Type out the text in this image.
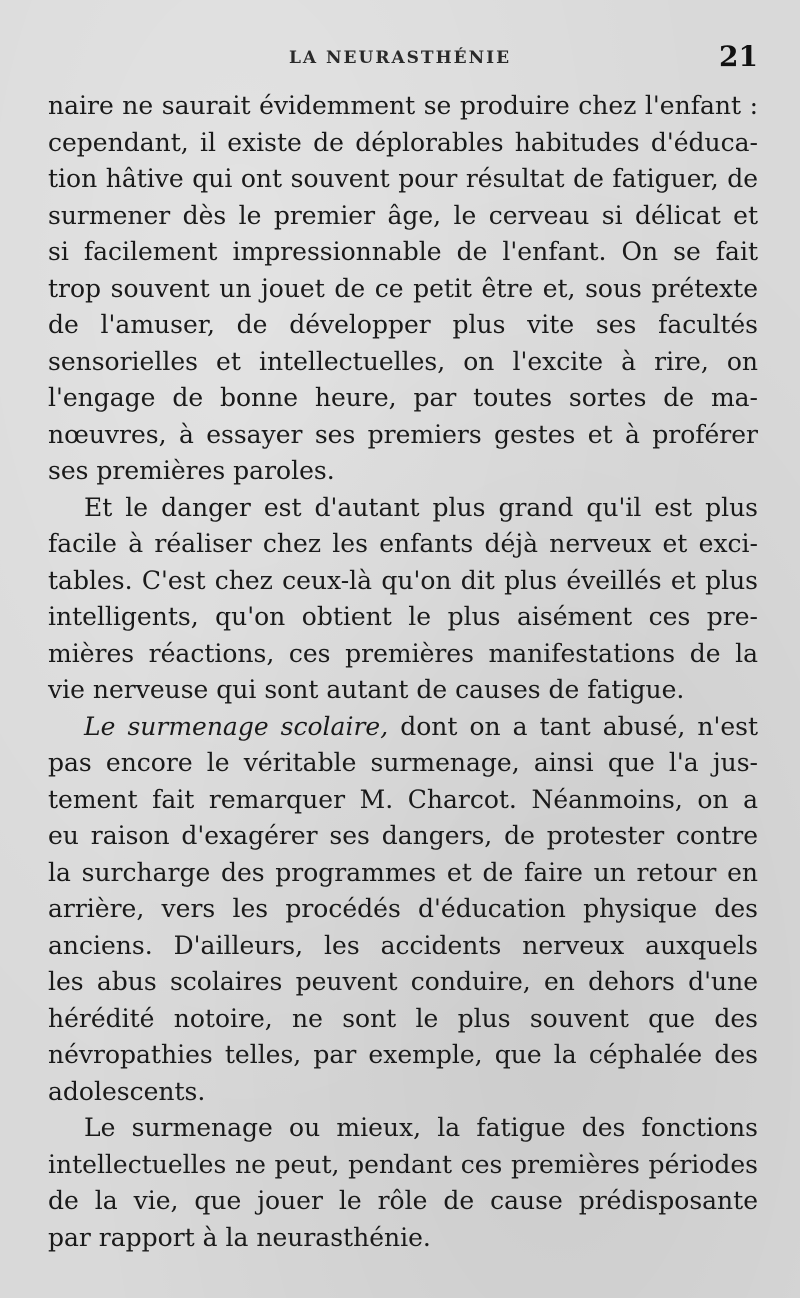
LA NEURASTHÉNIE	21
naire ne saurait évidemment se produire chez l'enfant :
cependant, il existe de déplorables habitudes d'éduca-
tion hâtive qui ont souvent pour résultat de fatiguer, de
surmener dès le premier âge, le cerveau si délicat et
si facilement impressionnable de l'enfant. On se fait
trop souvent un jouet de ce petit être et, sous prétexte
de l'amuser, de développer plus vite ses facultés
sensorielles et intellectuelles, on l'excite à rire, on
l'engage de bonne heure, par toutes sortes de ma-
nœuvres, à essayer ses premiers gestes et à proférer
ses premières paroles.
Et le danger est d'autant plus grand qu'il est plus
facile à réaliser chez les enfants déjà nerveux et exci-
tables. C'est chez ceux-là qu'on dit plus éveillés et plus
intelligents, qu'on obtient le plus aisément ces pre-
mières réactions, ces premières manifestations de la
vie nerveuse qui sont autant de causes de fatigue.
Le surmenage scolaire, dont on a tant abusé, n'est
pas encore le véritable surmenage, ainsi que l'a jus-
tement fait remarquer M. Charcot. Néanmoins, on a
eu raison d'exagérer ses dangers, de protester contre
la surcharge des programmes et de faire un retour en
arrière, vers les procédés d'éducation physique des
anciens. D'ailleurs, les accidents nerveux auxquels
les abus scolaires peuvent conduire, en dehors d'une
hérédité notoire, ne sont le plus souvent que des
névropathies telles, par exemple, que la céphalée des
adolescents.
Le surmenage ou mieux, la fatigue des fonctions
intellectuelles ne peut, pendant ces premières périodes
de la vie, que jouer le rôle de cause prédisposante
par rapport à la neurasthénie.
